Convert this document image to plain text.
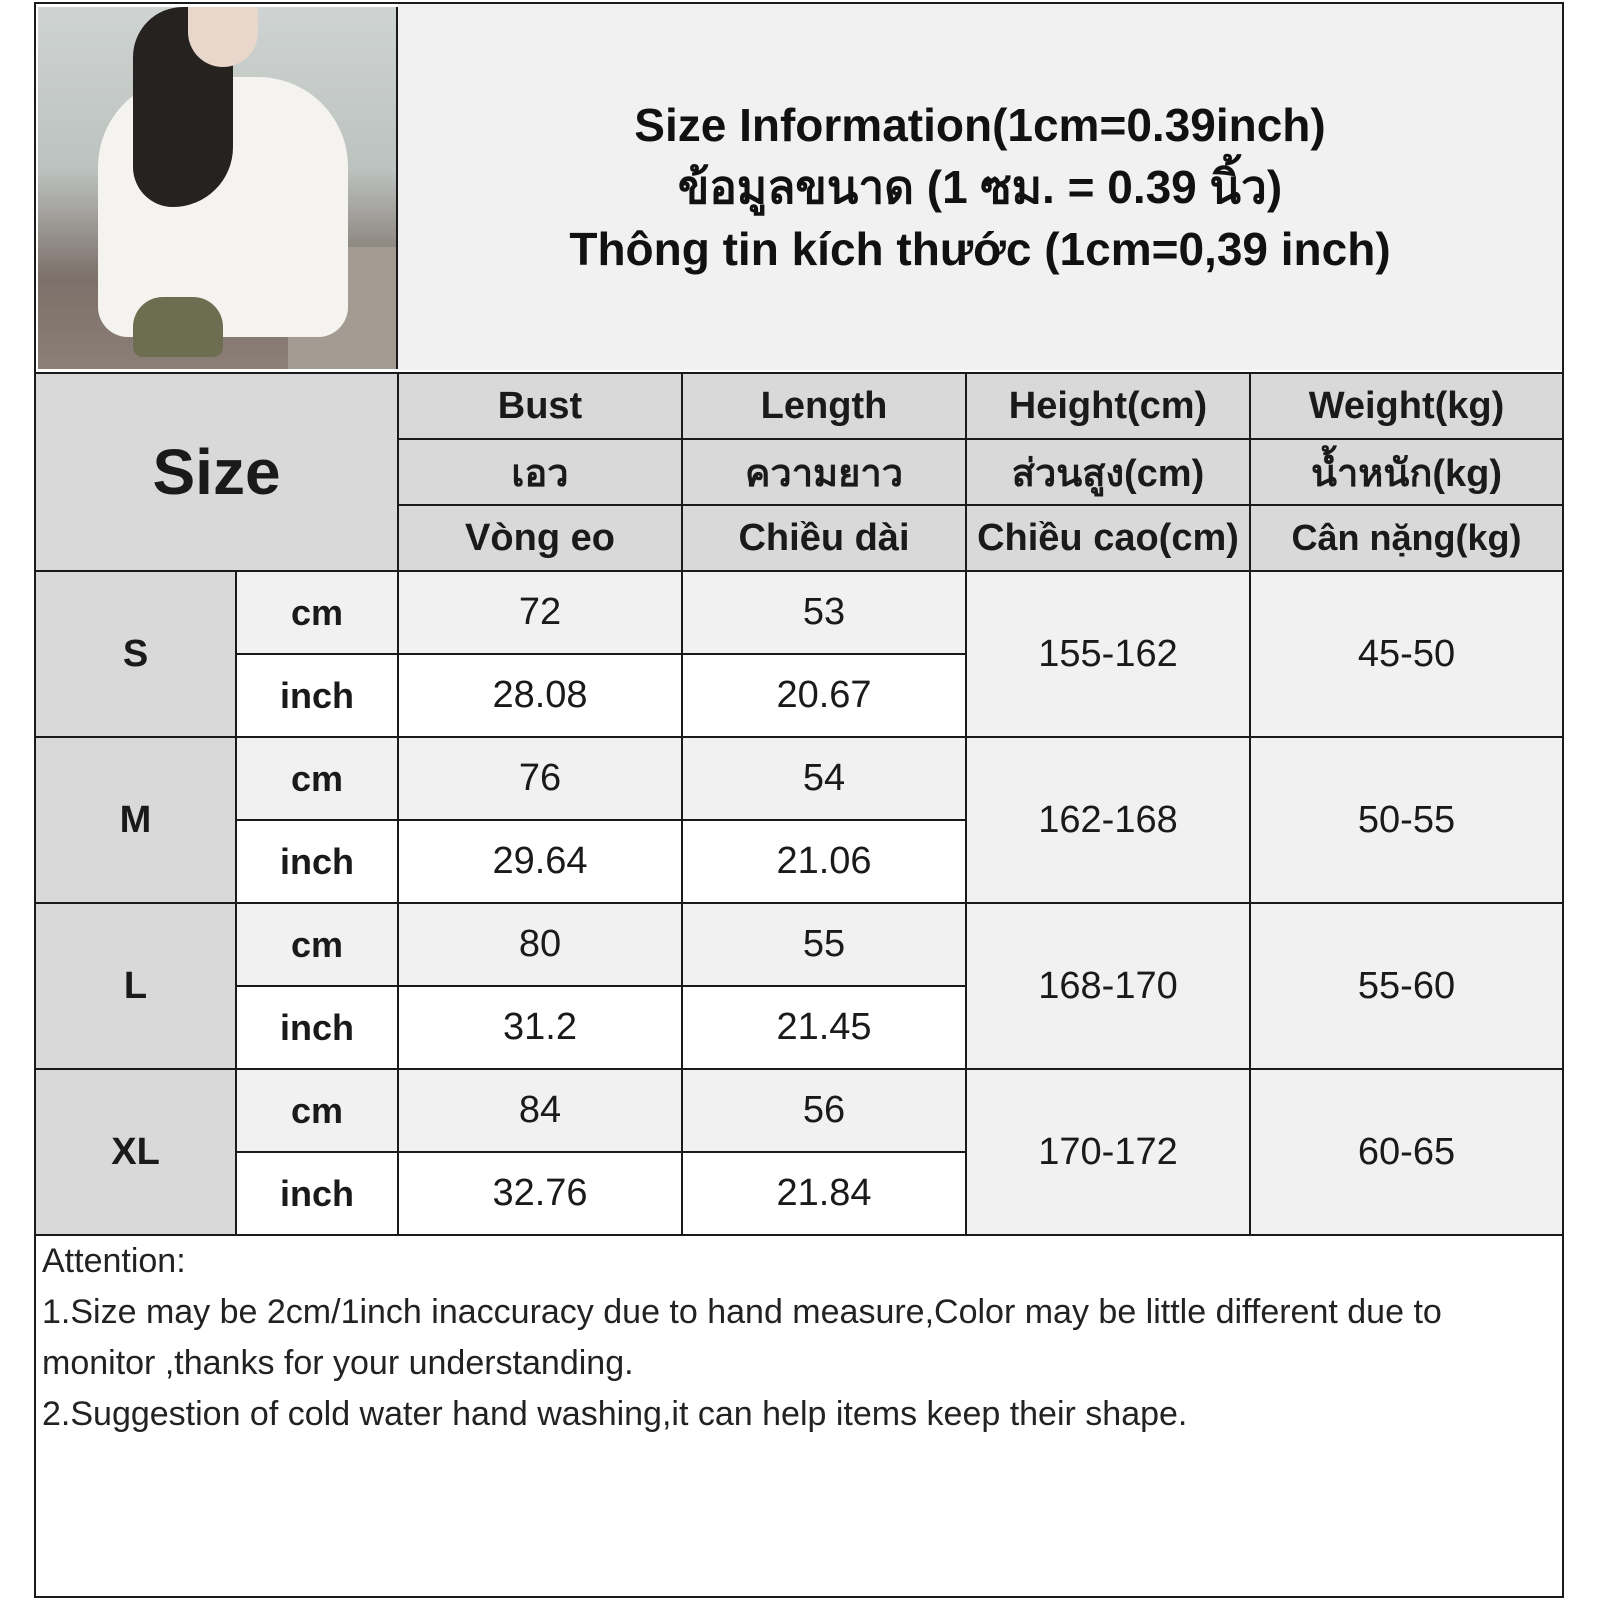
Size Information(1cm=0.39inch)
ข้อมูลขนาด (1 ซม. = 0.39 นิ้ว)
Thông tin kích thước (1cm=0,39 inch)
Size		Bust	Length	Height(cm)	Weight(kg)
		เอว	ความยาว	ส่วนสูง(cm)	น้ำหนัก(kg)
		Vòng eo	Chiều dài	Chiều cao(cm)	Cân nặng(kg)
S	cm	72	53	155-162	45-50
	inch	28.08	20.67		
M	cm	76	54	162-168	50-55
	inch	29.64	21.06		
L	cm	80	55	168-170	55-60
	inch	31.2	21.45		
XL	cm	84	56	170-172	60-65
	inch	32.76	21.84		
Attention:
1.Size may be 2cm/1inch inaccuracy due to hand measure,Color may be little different due to monitor ,thanks for your understanding.
2.Suggestion of cold water hand washing,it can help items keep their shape.
